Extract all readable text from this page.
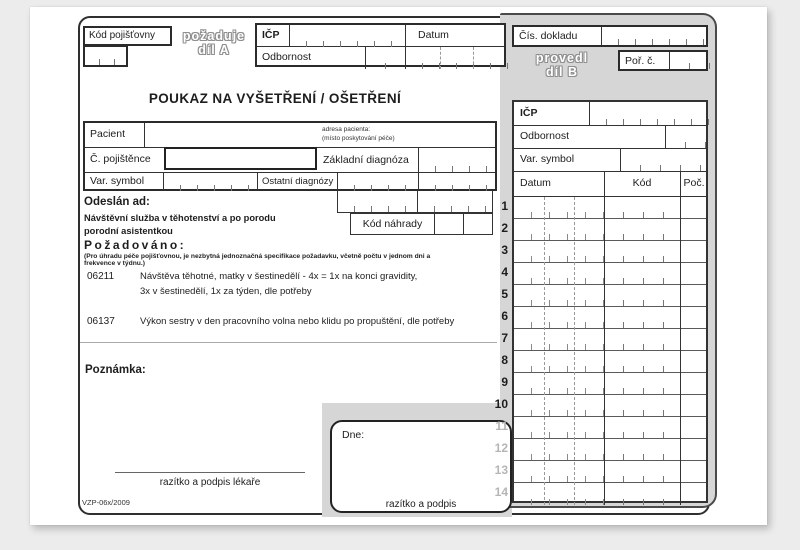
Dne:
razítko a podpis
Kód pojišťovny	požaduje
díl A
IČP	Datum
Odbornost
Čís. dokladu
provedl
díl B
Poř. č.
POUKAZ NA VYŠETŘENÍ / OŠETŘENÍ
Pacient	adresa pacienta:
(místo poskytování péče)
Č. pojištěnce	Základní diagnóza
Var. symbol	Ostatní diagnózy
Kód náhrady
Odeslán ad:
Návštěvní služba v těhotenství a po porodu
porodní asistentkou
Požadováno:
(Pro úhradu péče pojišťovnou, je nezbytná jednoznačná specifikace požadavku, včetně počtu v jednom dni a frekvence v týdnu.)
06211	Návštěva těhotné, matky v šestinedělí - 4x = 1x na konci gravidity,
3x v šestinedělí, 1x za týden, dle potřeby
06137	Výkon sestry v den pracovního volna nebo klidu po propuštění, dle potřeby
Poznámka:
razítko a podpis lékaře
VZP-06x/2009
IČP
Odbornost
Var. symbol
Datum	Kód	Poč.
1
2
3
4
5
6
7
8
9
10
11
12
13
14
